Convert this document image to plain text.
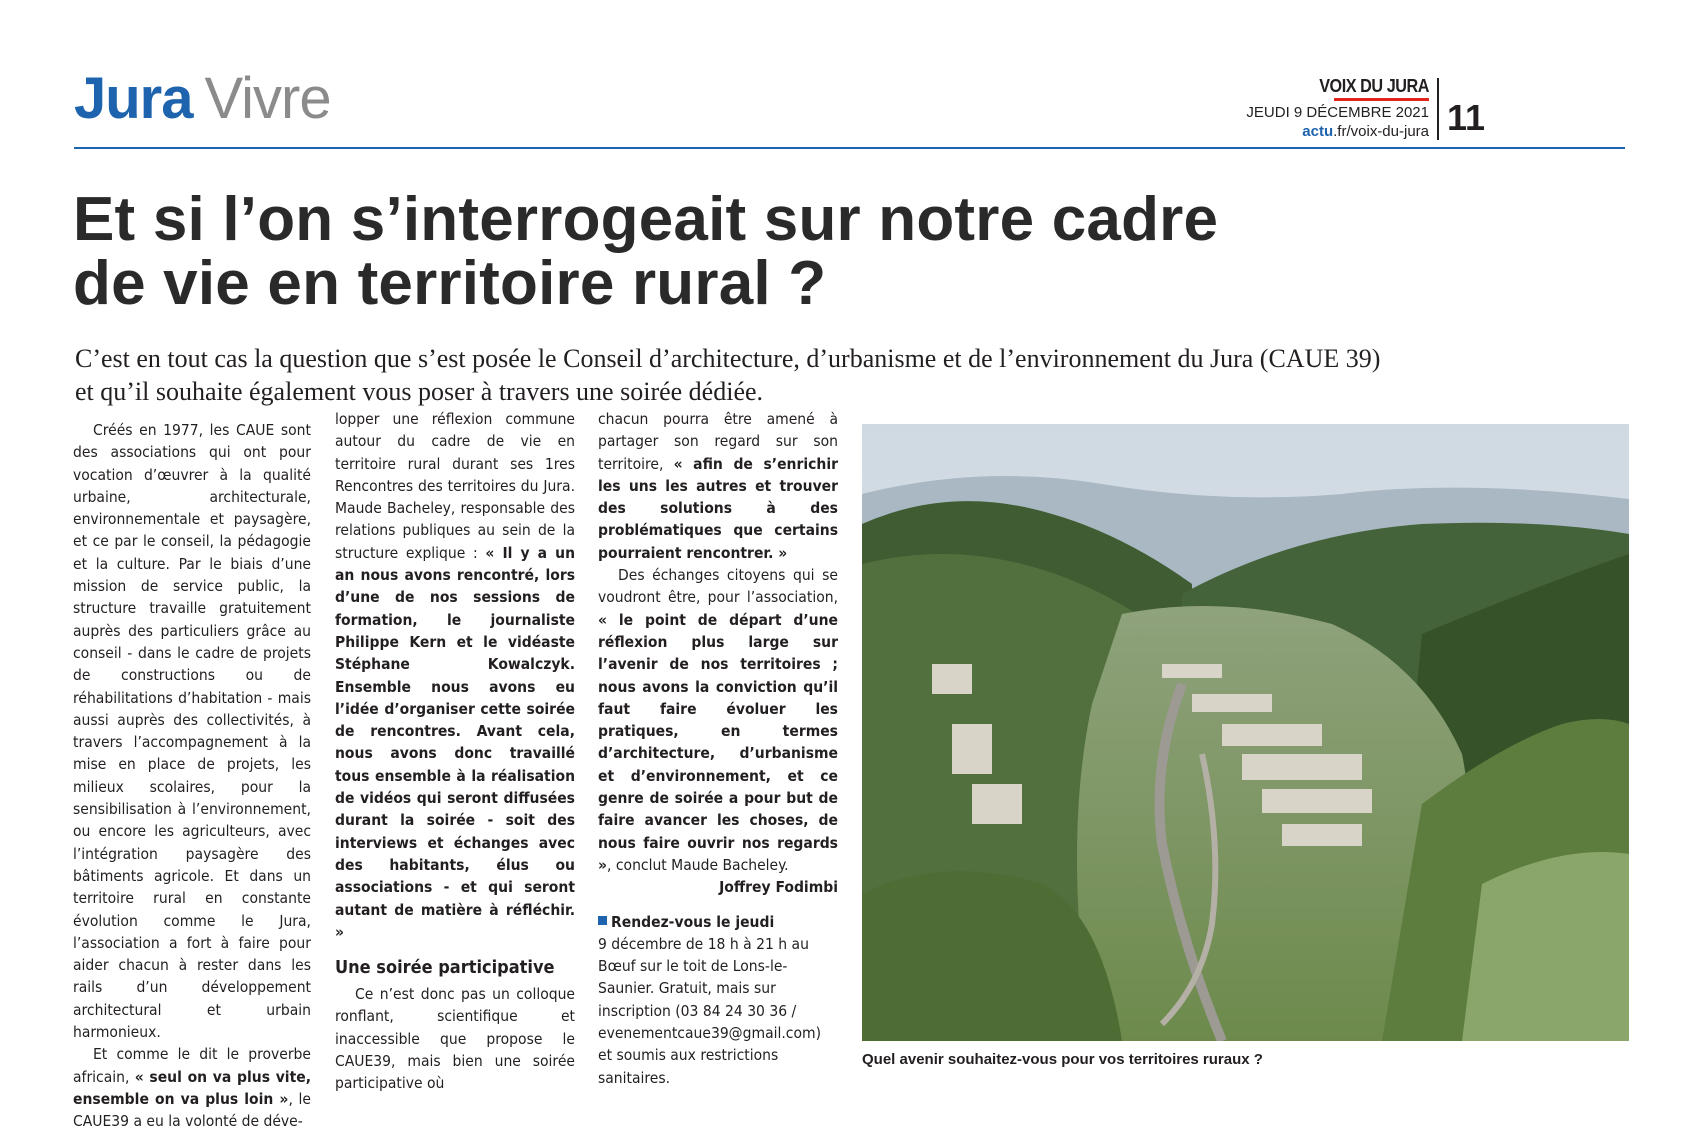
Jura Vivre	VOIX DU JURA
JEUDI 9 DÉCEMBRE 2021
actu.fr/voix-du-jura 11
Et si l’on s’interrogeait sur notre cadre
de vie en territoire rural ?
C’est en tout cas la question que s’est posée le Conseil d’architecture, d’urbanisme et de l’environnement du Jura (CAUE 39)
et qu’il souhaite également vous poser à travers une soirée dédiée.

Créés en 1977, les CAUE sont des associations qui ont pour vocation d’œuvrer à la qualité urbaine, architecturale, environnementale et paysagère, et ce par le conseil, la pédagogie et la culture. Par le biais d’une mission de service public, la structure travaille gratuitement auprès des particuliers grâce au conseil - dans le cadre de projets de constructions ou de réhabilitations d’habitation - mais aussi auprès des collectivités, à travers l’accompagnement à la mise en place de projets, les milieux scolaires, pour la sensibilisation à l’environnement, ou encore les agriculteurs, avec l’intégration paysagère des bâtiments agricole. Et dans un territoire rural en constante évolution comme le Jura, l’association a fort à faire pour aider chacun à rester dans les rails d’un développement architectural et urbain harmonieux.

Et comme le dit le proverbe africain, « seul on va plus vite, ensemble on va plus loin », le CAUE39 a eu la volonté de déve-

lopper une réflexion commune autour du cadre de vie en territoire rural durant ses 1res Rencontres des territoires du Jura. Maude Bacheley, responsable des relations publiques au sein de la structure explique : « Il y a un an nous avons rencontré, lors d’une de nos sessions de formation, le journaliste Philippe Kern et le vidéaste Stéphane Kowalczyk. Ensemble nous avons eu l’idée d’organiser cette soirée de rencontres. Avant cela, nous avons donc travaillé tous ensemble à la réalisation de vidéos qui seront diffusées durant la soirée - soit des interviews et échanges avec des habitants, élus ou associations - et qui seront autant de matière à réfléchir. »

Une soirée participative

Ce n’est donc pas un colloque ronflant, scientifique et inaccessible que propose le CAUE39, mais bien une soirée participative où

chacun pourra être amené à partager son regard sur son territoire, « afin de s’enrichir les uns les autres et trouver des solutions à des problématiques que certains pourraient rencontrer. »

Des échanges citoyens qui se voudront être, pour l’association, « le point de départ d’une réflexion plus large sur l’avenir de nos territoires ; nous avons la conviction qu’il faut faire évoluer les pratiques, en termes d’architecture, d’urbanisme et d’environnement, et ce genre de soirée a pour but de faire avancer les choses, de nous faire ouvrir nos regards », conclut Maude Bacheley.

Joffrey Fodimbi
Rendez-vous le jeudi
9 décembre de 18 h à 21 h au Bœuf sur le toit de Lons-le-Saunier. Gratuit, mais sur inscription (03 84 24 30 36 / evenementcaue39@gmail.com) et soumis aux restrictions sanitaires.
Quel avenir souhaitez-vous pour vos territoires ruraux ?
